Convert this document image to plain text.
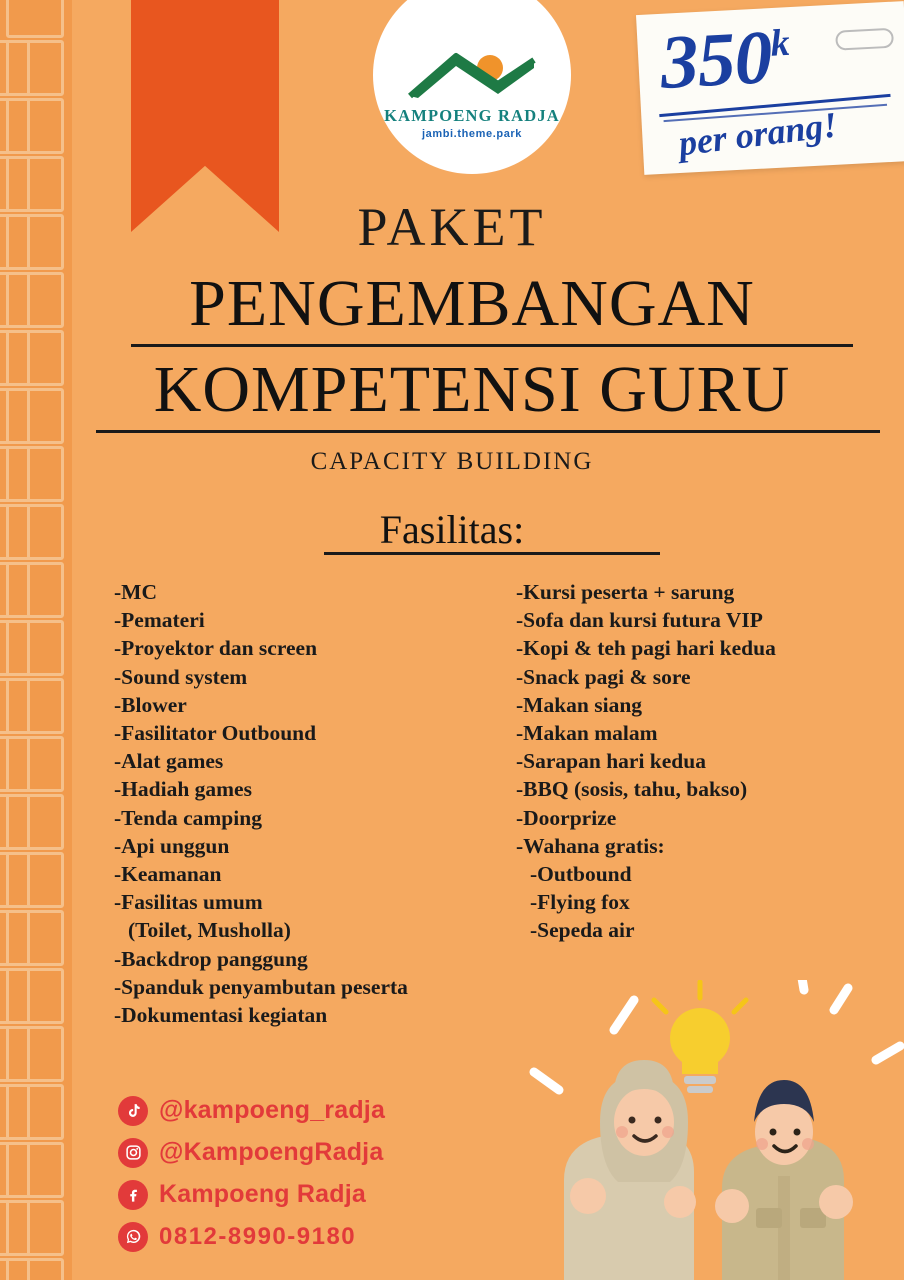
KAMPOENG RADJA
jambi.theme.park
350$^k$
per orang!
PAKET
PENGEMBANGAN
KOMPETENSI GURU
CAPACITY BUILDING
Fasilitas:
-MC
-Pemateri
-Proyektor dan screen
-Sound system
-Blower
-Fasilitator Outbound
-Alat games
-Hadiah games
-Tenda camping
-Api unggun
-Keamanan
-Fasilitas umum
(Toilet, Musholla)
-Backdrop panggung
-Spanduk penyambutan peserta
-Dokumentasi kegiatan
-Kursi peserta + sarung
-Sofa dan kursi futura VIP
-Kopi & teh pagi hari kedua
-Snack pagi & sore
-Makan siang
-Makan malam
-Sarapan hari kedua
-BBQ (sosis, tahu, bakso)
-Doorprize
-Wahana gratis:
-Outbound
-Flying fox
-Sepeda air
@kampoeng_radja
@KampoengRadja
Kampoeng Radja
0812-8990-9180
